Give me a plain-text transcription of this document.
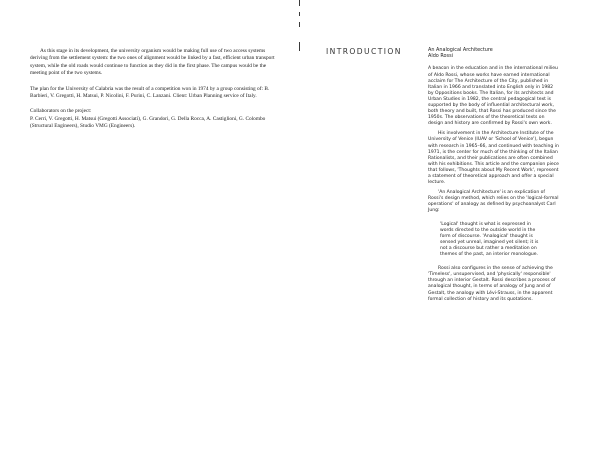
As this stage in its development, the university organism would be making full use of two access systems deriving from the settlement system: the two ones of alignment would be linked by a fast, efficient urban transport system, while the old roads would continue to function as they did in the first phase. The campus would be the meeting point of the two systems.

The plan for the University of Calabria was the result of a competition won in 1974 by a group consisting of: B. Barbieri, V. Gregotti, H. Matsui, P. Nicolini, F. Purini, C. Lanzani. Client: Urban Planning service of Italy.

Collaborators on the project:

P. Cerri, V. Gregotti, H. Matsui (Gregotti Associati), G. Grandori, G. Della Rocca, A. Castiglioni, G. Colombo (Structural Engineers), Studio VMG (Engineers).

INTRODUCTION	An Analogical Architecture
Aldo Rossi

A beacon in the education and in the international milieu of Aldo Rossi, whose works have earned international acclaim for The Architecture of the City, published in Italian in 1966 and translated into English only in 1982 by Oppositions books. The Italian, for its architects and Urban Studies in 1982, the central pedagogical text is supported by the body of influential architectural work, both theory and built, that Rossi has produced since the 1950s. The observations of the theoretical texts on design and history are confirmed by Rossi's own work.

His involvement in the Architecture Institute of the University of Venice (IUAV or 'School of Venice'), begun with research in 1965–66, and continued with teaching in 1971, is the center for much of the thinking of the Italian Rationalists, and their publications are often combined with his exhibitions. This article and the companion piece that follows, 'Thoughts about My Recent Work', represent a statement of theoretical approach and offer a special lecture.

'An Analogical Architecture' is an explication of Rossi's design method, which relies on the 'logical-formal operations' of analogy as defined by psychoanalyst Carl Jung:

'Logical' thought is what is expressed in words directed to the outside world in the form of discourse. 'Analogical' thought is sensed yet unreal, imagined yet silent; it is not a discourse but rather a meditation on themes of the past, an interior monologue.

Rossi also configures in the sense of achieving the 'Timeless', unsupervised, and 'physically' responsible' through an interior Gestalt. Rossi describes a process of analogical thought, in terms of analogy of Jung and of Gestalt, the analogy with Lévi-Strauss, in the apparent formal collection of history and its quotations.
